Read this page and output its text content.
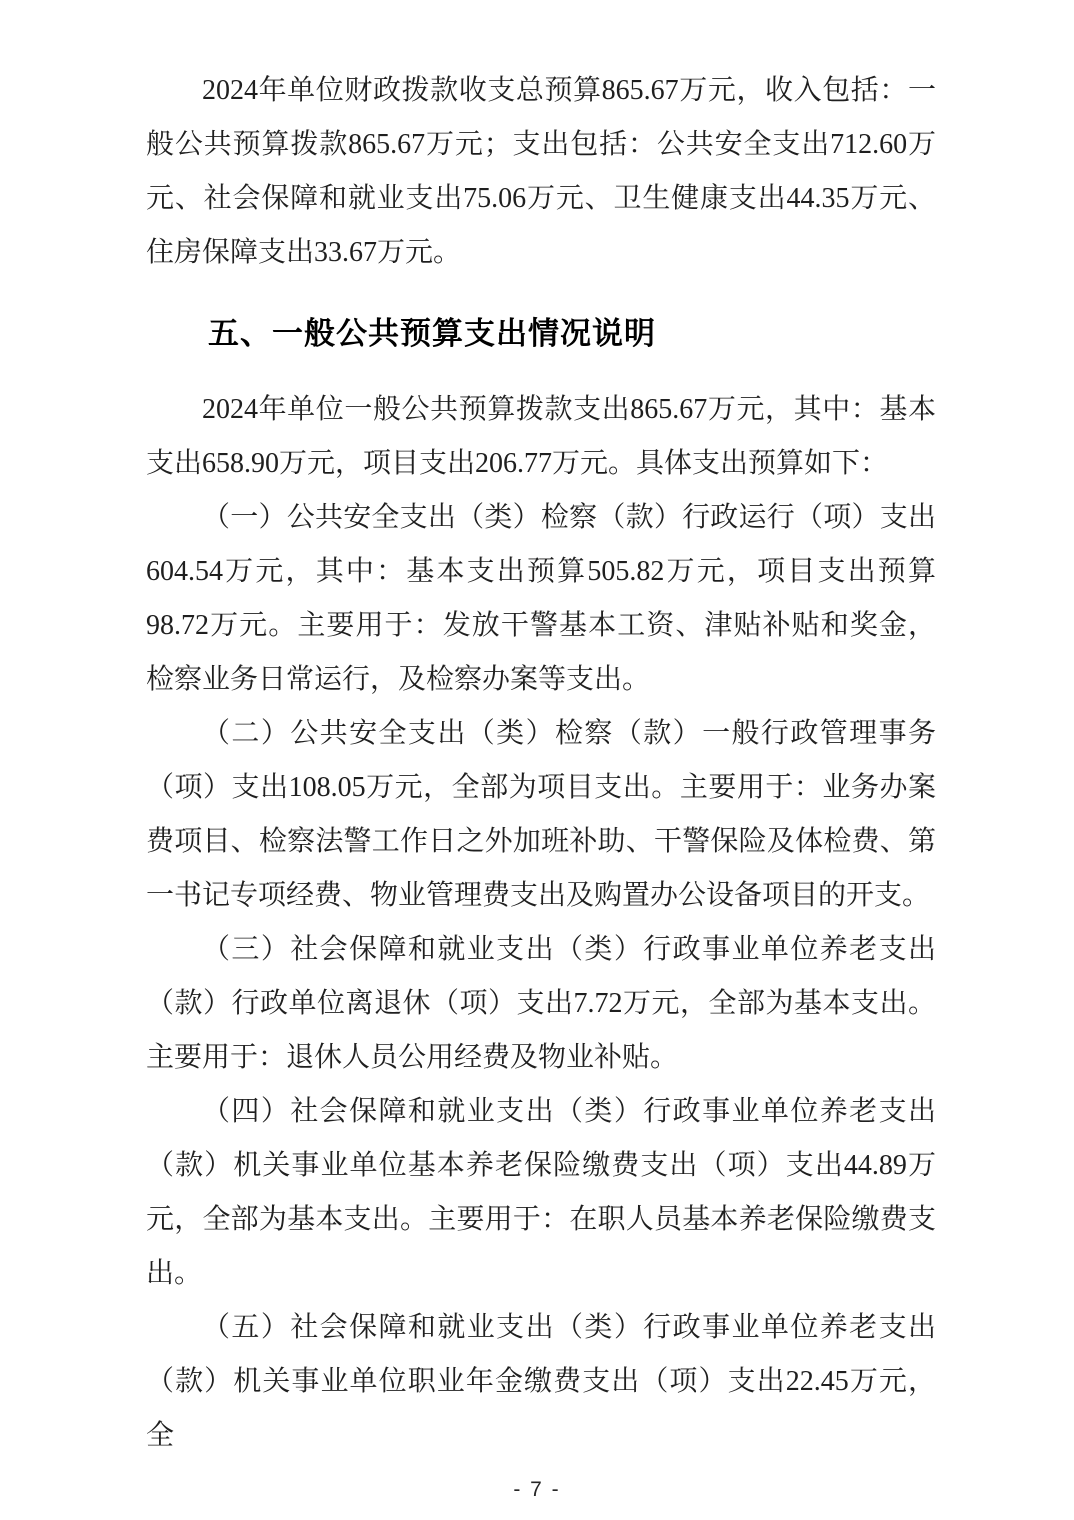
2024年单位财政拨款收支总预算865.67万元，收入包括：一般公共预算拨款865.67万元；支出包括：公共安全支出712.60万元、社会保障和就业支出75.06万元、卫生健康支出44.35万元、住房保障支出33.67万元。

五、一般公共预算支出情况说明

2024年单位一般公共预算拨款支出865.67万元，其中：基本支出658.90万元，项目支出206.77万元。具体支出预算如下：

（一）公共安全支出（类）检察（款）行政运行（项）支出604.54万元，其中：基本支出预算505.82万元，项目支出预算98.72万元。主要用于：发放干警基本工资、津贴补贴和奖金，检察业务日常运行，及检察办案等支出。

（二）公共安全支出（类）检察（款）一般行政管理事务（项）支出108.05万元，全部为项目支出。主要用于：业务办案费项目、检察法警工作日之外加班补助、干警保险及体检费、第一书记专项经费、物业管理费支出及购置办公设备项目的开支。

（三）社会保障和就业支出（类）行政事业单位养老支出（款）行政单位离退休（项）支出7.72万元，全部为基本支出。主要用于：退休人员公用经费及物业补贴。

（四）社会保障和就业支出（类）行政事业单位养老支出（款）机关事业单位基本养老保险缴费支出（项）支出44.89万元，全部为基本支出。主要用于：在职人员基本养老保险缴费支出。

（五）社会保障和就业支出（类）行政事业单位养老支出（款）机关事业单位职业年金缴费支出（项）支出22.45万元，全

- 7 -
